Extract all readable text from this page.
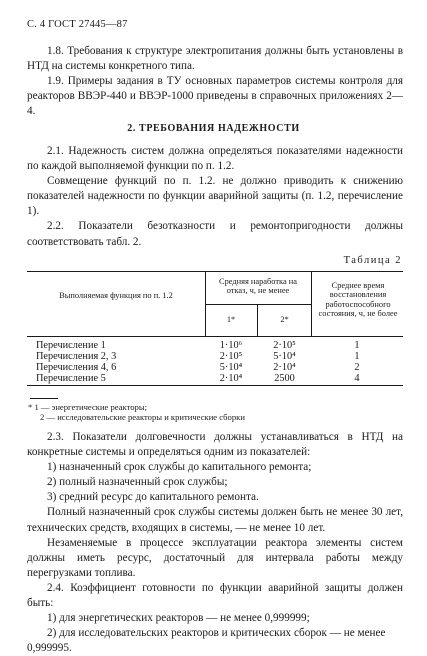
С. 4 ГОСТ 27445—87

1.8. Требования к структуре электропитания должны быть установлены в НТД на системы конкретного типа.

1.9. Примеры задания в ТУ основных параметров системы контроля для реакторов ВВЭР-440 и ВВЭР-1000 приведены в справочных приложениях 2—4.

2. ТРЕБОВАНИЯ НАДЕЖНОСТИ

2.1. Надежность систем должна определяться показателями надежности по каждой выполняемой функции по п. 1.2.

Совмещение функций по п. 1.2. не должно приводить к снижению показателей надежности по функции аварийной защиты (п. 1.2, перечисление 1).

2.2. Показатели безотказности и ремонтопригодности должны соответствовать табл. 2.

Таблица 2
Выполняемая функция по п. 1.2
Средняя наработка на отказ, ч, не менее
1*	2*
Среднее время восстановления работоспособного состояния, ч, не более
Перечисление 1	1·10⁶	2·10⁵	1
Перечисления 2, 3	2·10⁵	5·10⁴	1
Перечисления 4, 6	5·10⁴	2·10⁴	2
Перечисление 5	2·10⁴	2500	4
* 1 — энергетические реакторы;
2 — исследовательские реакторы и критические сборки

2.3. Показатели долговечности должны устанавливаться в НТД на конкретные системы и определяться одним из показателей:

1) назначенный срок службы до капитального ремонта;

2) полный назначенный срок службы;

3) средний ресурс до капитального ремонта.

Полный назначенный срок службы системы должен быть не менее 30 лет, технических средств, входящих в системы, — не менее 10 лет.

Незаменяемые в процессе эксплуатации реактора элементы систем должны иметь ресурс, достаточный для интервала работы между перегрузками топлива.

2.4. Коэффициент готовности по функции аварийной защиты должен быть:

1) для энергетических реакторов — не менее 0,999999;

2) для исследовательских реакторов и критических сборок — не менее 0,999995.
